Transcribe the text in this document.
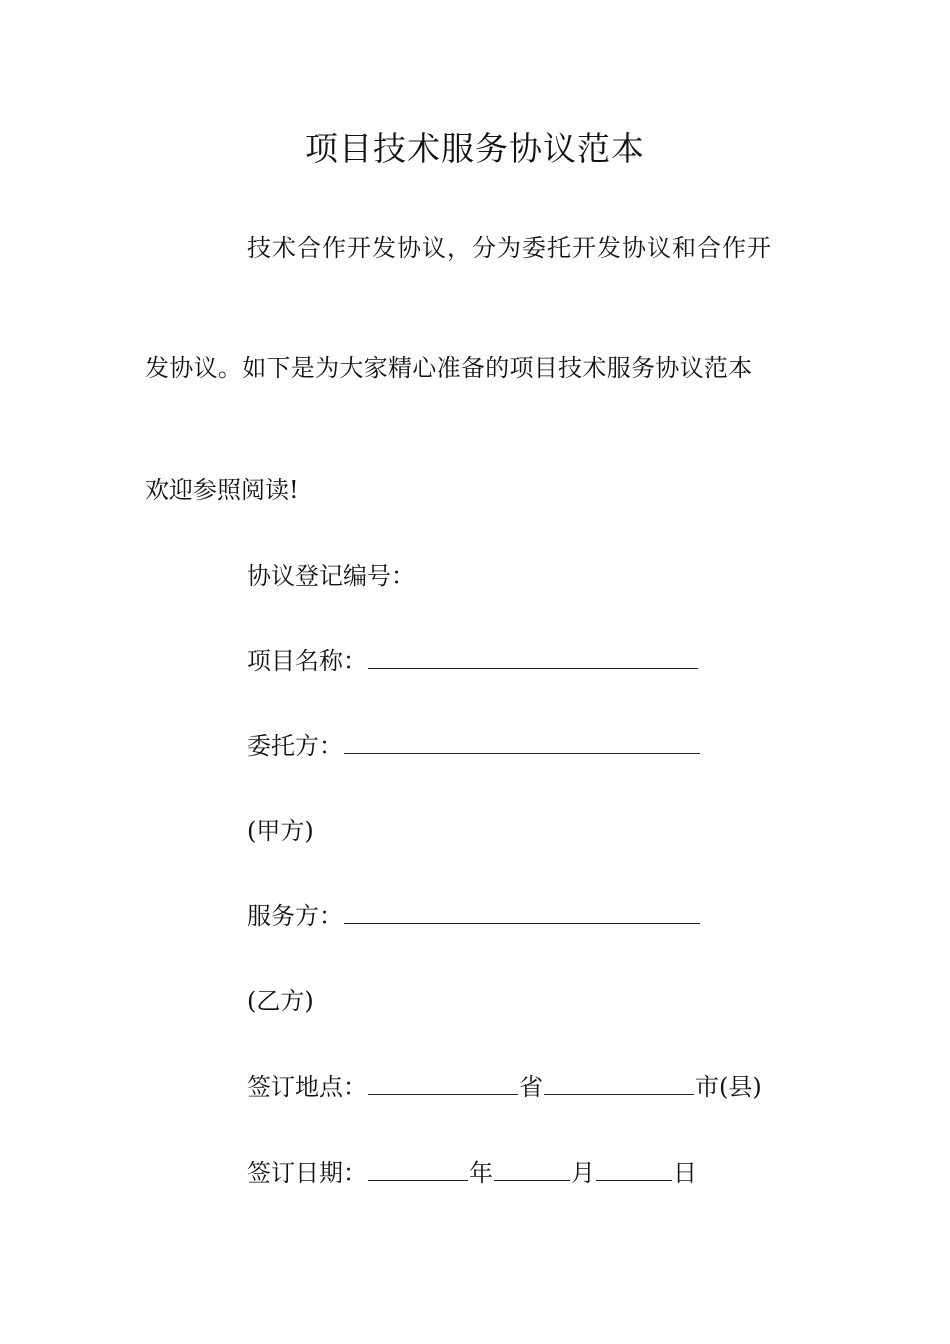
项目技术服务协议范本
技术合作开发协议，分为委托开发协议和合作开
发协议。如下是为大家精心准备的项目技术服务协议范本
欢迎参照阅读!
协议登记编号：
项目名称：
委托方：
(甲方)
服务方：
(乙方)
签订地点：	省	市(县)
签订日期：	年	月	日
